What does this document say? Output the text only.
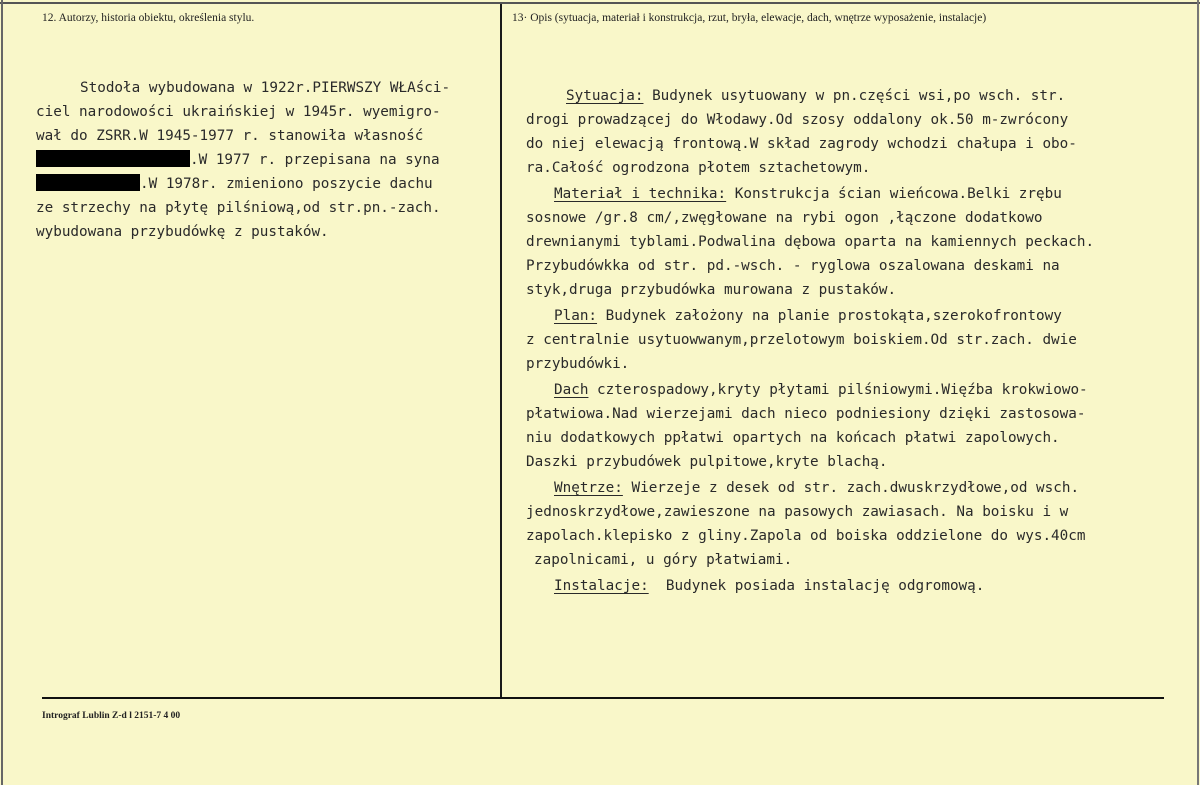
12. Autorzy, historia obiektu, określenia stylu.	13· Opis (sytuacja, materiał i konstrukcja, rzut, bryła, elewacje, dach, wnętrze wyposażenie, instalacje)
Stodoła wybudowana w 1922r.PIERWSZY WŁAści-
ciel narodowości ukraińskiej w 1945r. wyemigro-
wał do ZSRR.W 1945-1977 r. stanowiła własność
.W 1977 r. przepisana na syna
.W 1978r. zmieniono poszycie dachu
ze strzechy na płytę pilśniową,od str.pn.-zach.
wybudowana przybudówkę z pustaków.
Sytuacja: Budynek usytuowany w pn.części wsi,po wsch. str.
drogi prowadzącej do Włodawy.Od szosy oddalony ok.50 m-zwrócony
do niej elewacją frontową.W skład zagrody wchodzi chałupa i obo-
ra.Całość ogrodzona płotem sztachetowym.
Materiał i technika: Konstrukcja ścian wieńcowa.Belki zrębu
sosnowe /gr.8 cm/,zwęgłowane na rybi ogon ,łączone dodatkowo
drewnianymi tyblami.Podwalina dębowa oparta na kamiennych peckach.
Przybudówkka od str. pd.-wsch. - ryglowa oszalowana deskami na
styk,druga przybudówka murowana z pustaków.
Plan: Budynek założony na planie prostokąta,szerokofrontowy
z centralnie usytuowwanym,przelotowym boiskiem.Od str.zach. dwie
przybudówki.
Dach czterospadowy,kryty płytami pilśniowymi.Więźba krokwiowo-
płatwiowa.Nad wierzejami dach nieco podniesiony dzięki zastosowa-
niu dodatkowych ppłatwi opartych na końcach płatwi zapolowych.
Daszki przybudówek pulpitowe,kryte blachą.
Wnętrze: Wierzeje z desek od str. zach.dwuskrzydłowe,od wsch.
jednoskrzydłowe,zawieszone na pasowych zawiasach. Na boisku i w
zapolach.klepisko z gliny.Zapola od boiska oddzielone do wys.40cm
zapolnicami, u góry płatwiami.
Instalacje:  Budynek posiada instalację odgromową.
Intrograf Lublin Z-d l 2151-7 4 00
